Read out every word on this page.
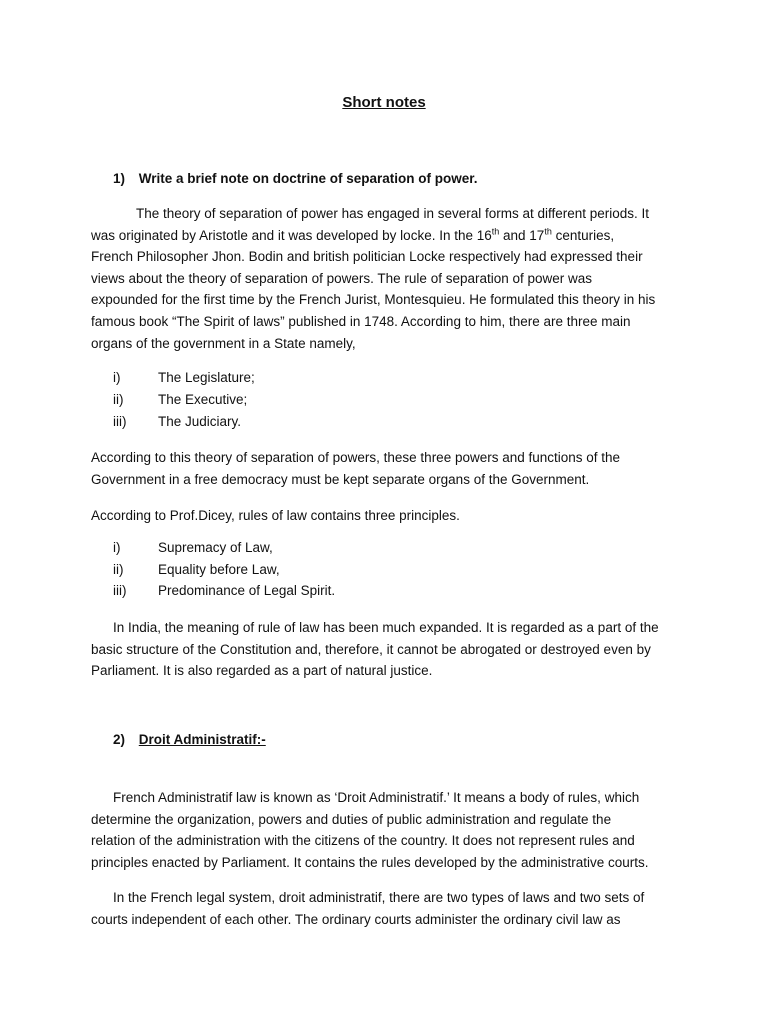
Short notes
1) Write a brief note on doctrine of separation of power.
The theory of separation of power has engaged in several forms at different periods. It
was originated by Aristotle and it was developed by locke. In the 16th and 17th centuries,
French Philosopher Jhon. Bodin and british politician Locke respectively had expressed their
views about the theory of separation of powers. The rule of separation of power was
expounded for the first time by the French Jurist, Montesquieu. He formulated this theory in his
famous book “The Spirit of laws” published in 1748. According to him, there are three main
organs of the government in a State namely,
i)	The Legislature;
ii)	The Executive;
iii) The Judiciary.
According to this theory of separation of powers, these three powers and functions of the
Government in a free democracy must be kept separate organs of the Government.
According to Prof.Dicey, rules of law contains three principles.
i)	Supremacy of Law,
ii)	Equality before Law,
iii) Predominance of Legal Spirit.
In India, the meaning of rule of law has been much expanded. It is regarded as a part of the
basic structure of the Constitution and, therefore, it cannot be abrogated or destroyed even by
Parliament. It is also regarded as a part of natural justice.
2) Droit Administratif:-
French Administratif law is known as ‘Droit Administratif.’ It means a body of rules, which
determine the organization, powers and duties of public administration and regulate the
relation of the administration with the citizens of the country. It does not represent rules and
principles enacted by Parliament. It contains the rules developed by the administrative courts.
In the French legal system, droit administratif, there are two types of laws and two sets of
courts independent of each other. The ordinary courts administer the ordinary civil law as
